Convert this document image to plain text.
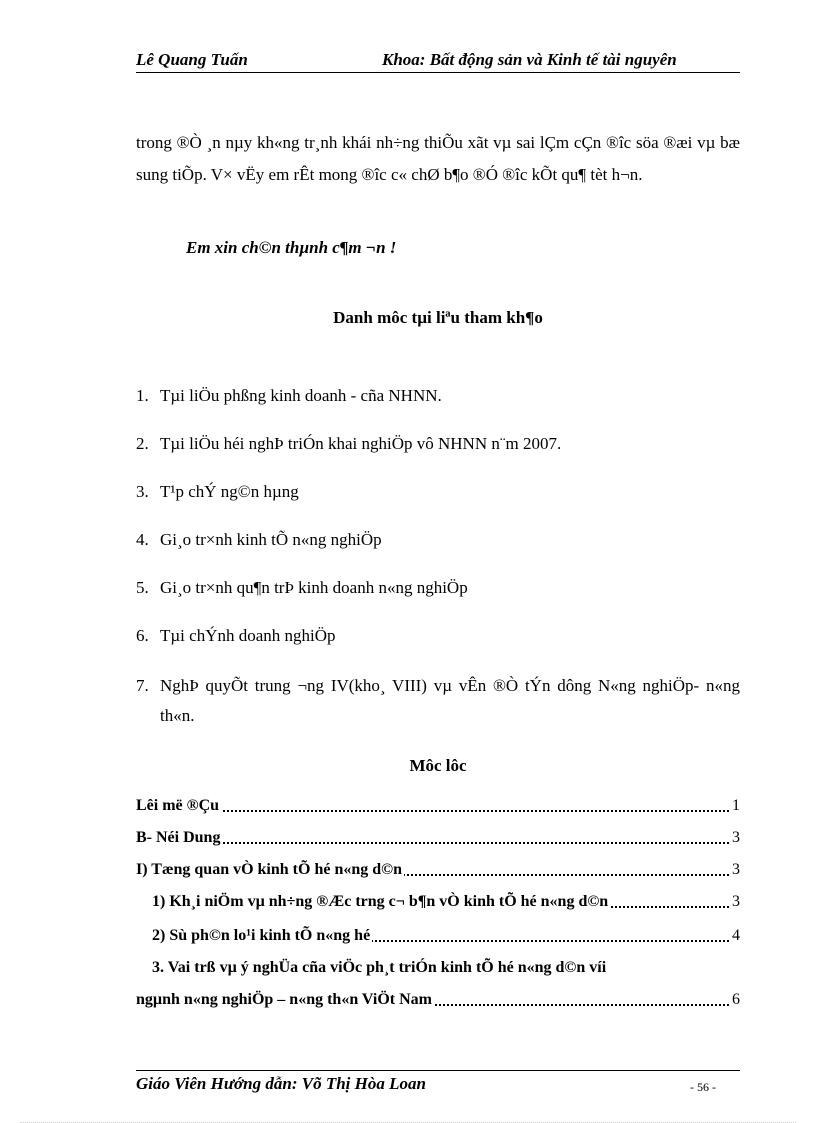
Lê Quang Tuấn	Khoa: Bất động sản và Kinh tế tài nguyên
trong ®Ò ¸n nµy kh«ng tr¸nh khái nh÷ng thiÕu xãt vµ sai lÇm cÇn ®îc söa ®æi vµ bæ sung tiÕp. V× vËy em rÊt mong ®îc c« chØ b¶o ®Ó ®îc kÕt qu¶ tèt h¬n.
Em xin ch©n thµnh c¶m ¬n !
Danh môc tµi liªu tham kh¶o
1. Tµi liÖu phßng kinh doanh - cña NHNN.
2. Tµi liÖu héi nghÞ triÓn khai nghiÖp vô NHNN n¨m 2007.
3. T¹p chÝ ng©n hµng
4. Gi¸o tr×nh kinh tÕ n«ng nghiÖp
5. Gi¸o tr×nh qu¶n trÞ kinh doanh n«ng nghiÖp
6. Tµi chÝnh doanh nghiÖp
7. NghÞ quyÕt trung ¬ng IV(kho¸ VIII) vµ vÊn ®Ò tÝn dông N«ng nghiÖp- n«ng th«n.
Môc lôc
Lêi më ®Çu	1
B- Néi Dung	3
I) Tæng quan vÒ kinh tÕ hé n«ng d©n	3
1) Kh¸i niÖm vµ nh÷ng ®Æc trng c¬ b¶n vÒ kinh tÕ hé n«ng d©n	3
2) Sù ph©n lo¹i kinh tÕ n«ng hé	4
3. Vai trß vµ ý nghÜa cña viÖc ph¸t triÓn kinh tÕ hé n«ng d©n víi
ngµnh n«ng nghiÖp – n«ng th«n ViÖt Nam	6
Giáo Viên Hướng dẫn: Võ Thị Hòa Loan	- 56 -
